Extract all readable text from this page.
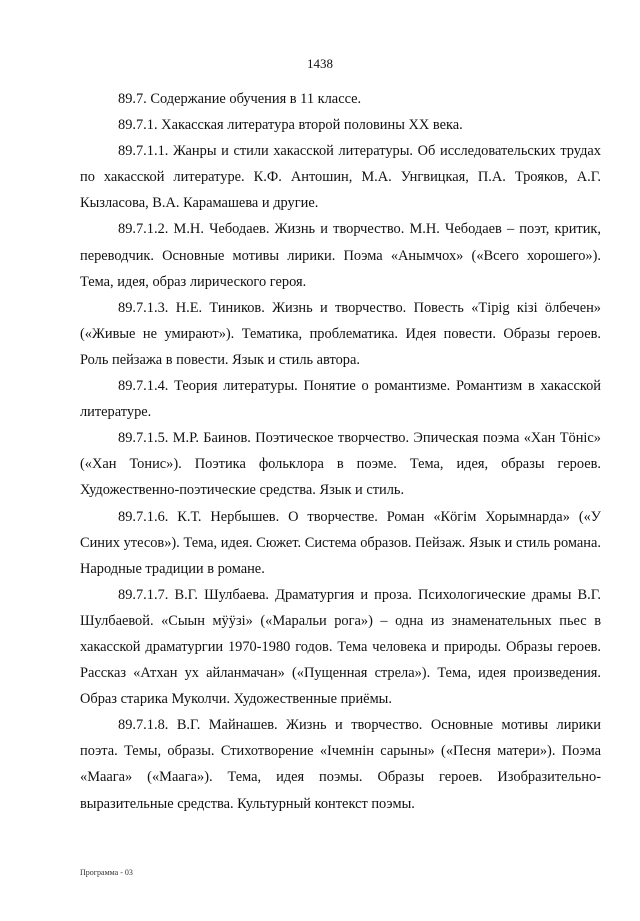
1438

89.7. Содержание обучения в 11 классе.

89.7.1. Хакасская литература второй половины ХХ века.

89.7.1.1. Жанры и стили хакасской литературы. Об исследовательских трудах по хакасской литературе. К.Ф. Антошин, М.А. Унгвицкая, П.А. Трояков, А.Г. Кызласова, В.А. Карамашева и другие.

89.7.1.2. М.Н. Чебодаев. Жизнь и творчество. М.Н. Чебодаев – поэт, критик, переводчик. Основные мотивы лирики. Поэма «Анымчох» («Всего хорошего»). Тема, идея, образ лирического героя.

89.7.1.3. Н.Е. Тиников. Жизнь и творчество. Повесть «Тірig кізі öлбечен» («Живые не умирают»). Тематика, проблематика. Идея повести. Образы героев. Роль пейзажа в повести. Язык и стиль автора.

89.7.1.4. Теория литературы. Понятие о романтизме. Романтизм в хакасской литературе.

89.7.1.5. М.Р. Баинов. Поэтическое творчество. Эпическая поэма «Хан Тöнiс» («Хан Тонис»). Поэтика фольклора в поэме. Тема, идея, образы героев. Художественно-поэтические средства. Язык и стиль.

89.7.1.6. К.Т. Нербышев. О творчестве. Роман «Кöгiм Хорымнарда» («У Синих утесов»). Тема, идея. Сюжет. Система образов. Пейзаж. Язык и стиль романа. Народные традиции в романе.

89.7.1.7. В.Г. Шулбаева. Драматургия и проза. Психологические драмы В.Г. Шулбаевой. «Сыын мÿÿзi» («Маральи рога») – одна из знаменательных пьес в хакасской драматургии 1970-1980 годов. Тема человека и природы. Образы героев. Рассказ «Атхан ух айланмачан» («Пущенная стрела»). Тема, идея произведения. Образ старика Муколчи. Художественные приёмы.

89.7.1.8. В.Г. Майнашев. Жизнь и творчество. Основные мотивы лирики поэта. Темы, образы. Стихотворение «Iчемнiн сарыны» («Песня матери»). Поэма «Маага» («Маага»). Тема, идея поэмы. Образы героев. Изобразительно-выразительные средства. Культурный контекст поэмы.

Программа - 03
